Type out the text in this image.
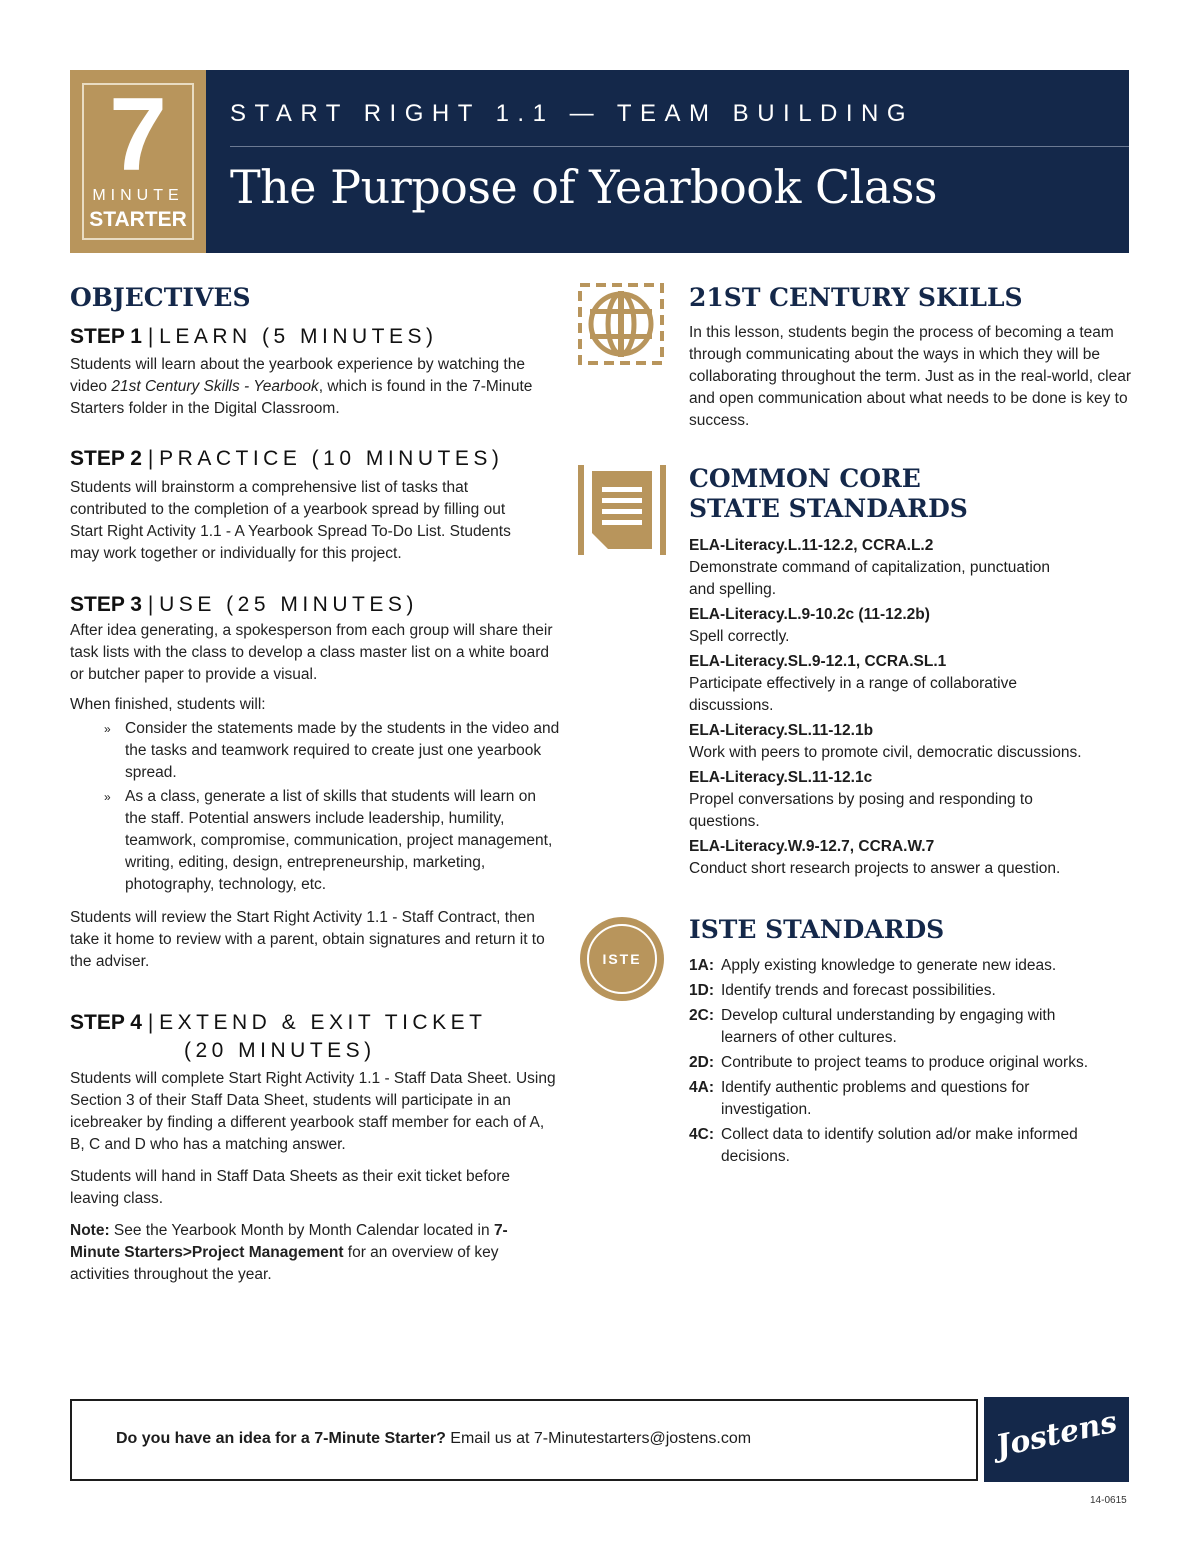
7
MINUTE
STARTER
START RIGHT 1.1 — TEAM BUILDING
The Purpose of Yearbook Class
OBJECTIVES
STEP 1 | LEARN (5 MINUTES)
Students will learn about the yearbook experience by watching the video 21st Century Skills - Yearbook, which is found in the 7-Minute Starters folder in the Digital Classroom.
STEP 2 | PRACTICE (10 MINUTES)
Students will brainstorm a comprehensive list of tasks that contributed to the completion of a yearbook spread by filling out Start Right Activity 1.1 - A Yearbook Spread To-Do List. Students may work together or individually for this project.
STEP 3 | USE (25 MINUTES)

After idea generating, a spokesperson from each group will share their task lists with the class to develop a class master list on a white board or butcher paper to provide a visual.

When finished, students will:

» Consider the statements made by the students in the video and the tasks and teamwork required to create just one yearbook spread.
» As a class, generate a list of skills that students will learn on the staff. Potential answers include leadership, humility, teamwork, compromise, communication, project management, writing, editing, design, entrepreneurship, marketing, photography, technology, etc.

Students will review the Start Right Activity 1.1 - Staff Contract, then take it home to review with a parent, obtain signatures and return it to the adviser.

STEP 4 | EXTEND & EXIT TICKET
(20 MINUTES)

Students will complete Start Right Activity 1.1 - Staff Data Sheet. Using Section 3 of their Staff Data Sheet, students will participate in an icebreaker by finding a different yearbook staff member for each of A, B, C and D who has a matching answer.

Students will hand in Staff Data Sheets as their exit ticket before leaving class.

Note: See the Yearbook Month by Month Calendar located in 7-Minute Starters>Project Management for an overview of key activities throughout the year.

ISTE
21ST CENTURY SKILLS
In this lesson, students begin the process of becoming a team through communicating about the ways in which they will be collaborating throughout the term. Just as in the real-world, clear and open communication about what needs to be done is key to success.
COMMON CORE
STATE STANDARDS
ELA-Literacy.L.11-12.2, CCRA.L.2
Demonstrate command of capitalization, punctuation and spelling.
ELA-Literacy.L.9-10.2c (11-12.2b)
Spell correctly.
ELA-Literacy.SL.9-12.1, CCRA.SL.1
Participate effectively in a range of collaborative discussions.
ELA-Literacy.SL.11-12.1b
Work with peers to promote civil, democratic discussions.
ELA-Literacy.SL.11-12.1c
Propel conversations by posing and responding to questions.
ELA-Literacy.W.9-12.7, CCRA.W.7
Conduct short research projects to answer a question.
ISTE STANDARDS
1A: Apply existing knowledge to generate new ideas.
1D: Identify trends and forecast possibilities.
2C: Develop cultural understanding by engaging with learners of other cultures.
2D: Contribute to project teams to produce original works.
4A: Identify authentic problems and questions for investigation.
4C: Collect data to identify solution ad/or make informed decisions.
Do you have an idea for a 7-Minute Starter? Email us at 7-Minutestarters@jostens.com	Jostens
14-0615
